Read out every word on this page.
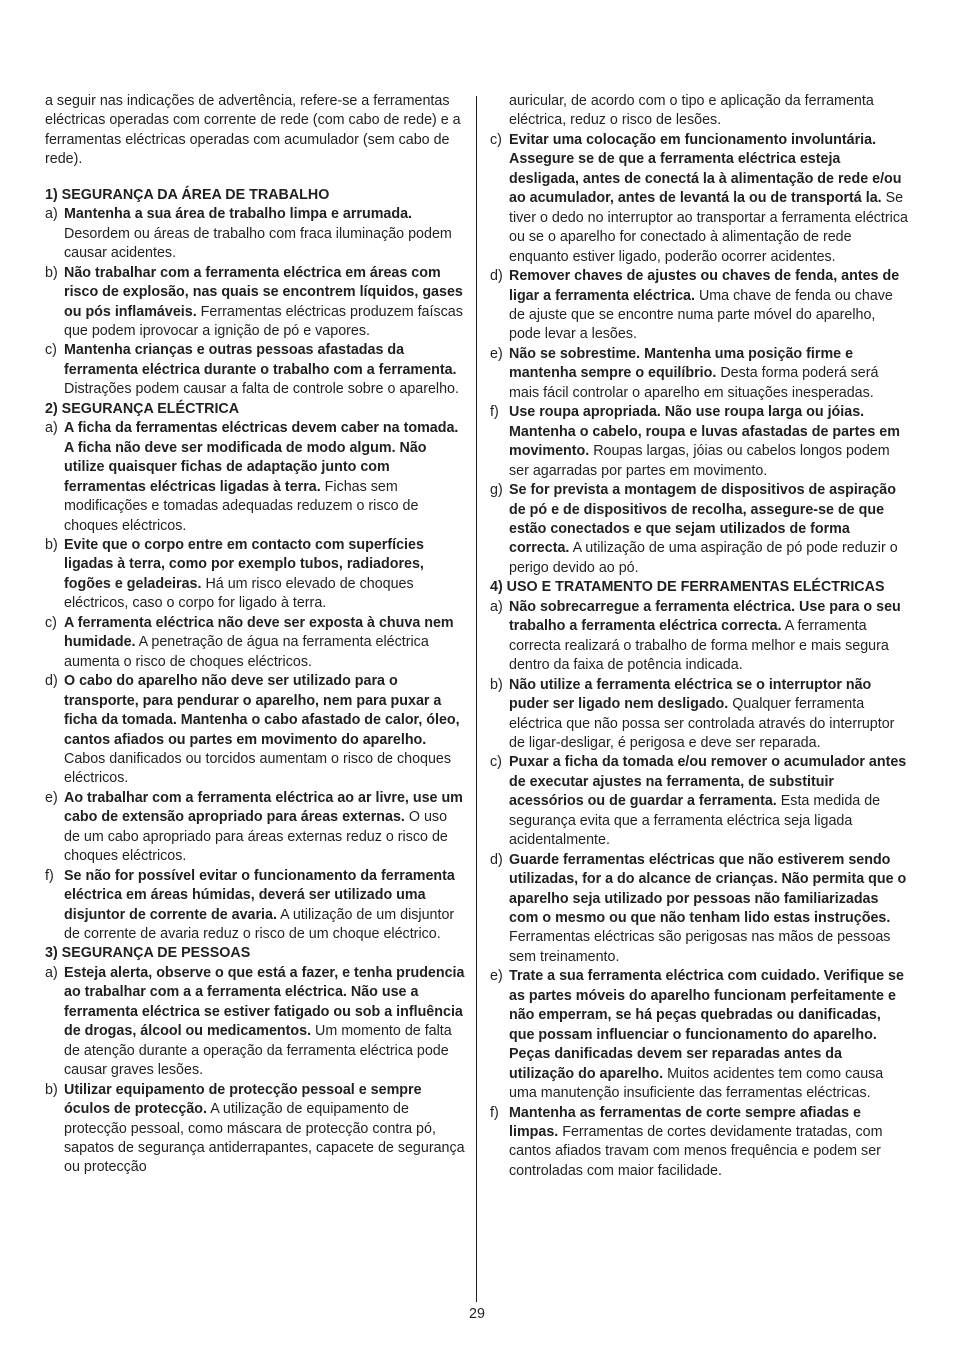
a seguir nas indicações de advertência, refere-se a ferramentas eléctricas operadas com corrente de rede (com cabo de rede) e a ferramentas eléctricas operadas com acumulador (sem cabo de rede).

1) SEGURANÇA DA ÁREA DE TRABALHO

a) Mantenha a sua área de trabalho limpa e arrumada. Desordem ou áreas de trabalho com fraca iluminação podem causar acidentes.
b) Não trabalhar com a ferramenta eléctrica em áreas com risco de explosão, nas quais se encontrem líquidos, gases ou pós inflamáveis. Ferramentas eléctricas produzem faíscas que podem iprovocar a ignição de pó e vapores.
c) Mantenha crianças e outras pessoas afastadas da ferramenta eléctrica durante o trabalho com a ferramenta. Distrações podem causar a falta de controle sobre o aparelho.

2) SEGURANÇA ELÉCTRICA

a) A ficha da ferramentas eléctricas devem caber na tomada. A ficha não deve ser modificada de modo algum. Não utilize quaisquer fichas de adaptação junto com ferramentas eléctricas ligadas à terra. Fichas sem modificações e tomadas adequadas reduzem o risco de choques eléctricos.
b) Evite que o corpo entre em contacto com superfícies ligadas à terra, como por exemplo tubos, radiadores, fogões e geladeiras. Há um risco elevado de choques eléctricos, caso o corpo for ligado à terra.
c) A ferramenta eléctrica não deve ser exposta à chuva nem humidade. A penetração de água na ferramenta eléctrica aumenta o risco de choques eléctricos.
d) O cabo do aparelho não deve ser utilizado para o transporte, para pendurar o aparelho, nem para puxar a ficha da tomada. Mantenha o cabo afastado de calor, óleo, cantos afiados ou partes em movimento do aparelho. Cabos danificados ou torcidos aumentam o risco de choques eléctricos.
e) Ao trabalhar com a ferramenta eléctrica ao ar livre, use um cabo de extensão apropriado para áreas externas. O uso de um cabo apropriado para áreas externas reduz o risco de choques eléctricos.
f) Se não for possível evitar o funcionamento da ferramenta eléctrica em áreas húmidas, deverá ser utilizado uma disjuntor de corrente de avaria. A utilização de um disjuntor de corrente de avaria reduz o risco de um choque eléctrico.

3) SEGURANÇA DE PESSOAS

a) Esteja alerta, observe o que está a fazer, e tenha prudencia ao trabalhar com a a ferramenta eléctrica. Não use a ferramenta eléctrica se estiver fatigado ou sob a influência de drogas, álcool ou medicamentos. Um momento de falta de atenção durante a operação da ferramenta eléctrica pode causar graves lesões.
b) Utilizar equipamento de protecção pessoal e sempre óculos de protecção. A utilização de equipamento de protecção pessoal, como máscara de protecção contra pó, sapatos de segurança antiderrapantes, capacete de segurança ou protecção

auricular, de acordo com o tipo e aplicação da ferramenta eléctrica, reduz o risco de lesões.

c) Evitar uma colocação em funcionamento involuntária. Assegure se de que a ferramenta eléctrica esteja desligada, antes de conectá la à alimentação de rede e/ou ao acumulador, antes de levantá la ou de transportá la. Se tiver o dedo no interruptor ao transportar a ferramenta eléctrica ou se o aparelho for conectado à alimentação de rede enquanto estiver ligado, poderão ocorrer acidentes.
d) Remover chaves de ajustes ou chaves de fenda, antes de ligar a ferramenta eléctrica. Uma chave de fenda ou chave de ajuste que se encontre numa parte móvel do aparelho, pode levar a lesões.
e) Não se sobrestime. Mantenha uma posição firme e mantenha sempre o equilíbrio. Desta forma poderá será mais fácil controlar o aparelho em situações inesperadas.
f) Use roupa apropriada. Não use roupa larga ou jóias. Mantenha o cabelo, roupa e luvas afastadas de partes em movimento. Roupas largas, jóias ou cabelos longos podem ser agarradas por partes em movimento.
g) Se for prevista a montagem de dispositivos de aspiração de pó e de dispositivos de recolha, assegure-se de que estão conectados e que sejam utilizados de forma correcta. A utilização de uma aspiração de pó pode reduzir o perigo devido ao pó.

4) USO E TRATAMENTO DE FERRAMENTAS ELÉCTRICAS

a) Não sobrecarregue a ferramenta eléctrica. Use para o seu trabalho a ferramenta eléctrica correcta. A ferramenta correcta realizará o trabalho de forma melhor e mais segura dentro da faixa de potência indicada.
b) Não utilize a ferramenta eléctrica se o interruptor não puder ser ligado nem desligado. Qualquer ferramenta eléctrica que não possa ser controlada através do interruptor de ligar-desligar, é perigosa e deve ser reparada.
c) Puxar a ficha da tomada e/ou remover o acumulador antes de executar ajustes na ferramenta, de substituir acessórios ou de guardar a ferramenta. Esta medida de segurança evita que a ferramenta eléctrica seja ligada acidentalmente.
d) Guarde ferramentas eléctricas que não estiverem sendo utilizadas, for a do alcance de crianças. Não permita que o aparelho seja utilizado por pessoas não familiarizadas com o mesmo ou que não tenham lido estas instruções. Ferramentas eléctricas são perigosas nas mãos de pessoas sem treinamento.
e) Trate a sua ferramenta eléctrica com cuidado. Verifique se as partes móveis do aparelho funcionam perfeitamente e não emperram, se há peças quebradas ou danificadas, que possam influenciar o funcionamento do aparelho. Peças danificadas devem ser reparadas antes da utilização do aparelho. Muitos acidentes tem como causa uma manutenção insuficiente das ferramentas eléctricas.
f) Mantenha as ferramentas de corte sempre afiadas e limpas. Ferramentas de cortes devidamente tratadas, com cantos afiados travam com menos frequência e podem ser controladas com maior facilidade.
29
